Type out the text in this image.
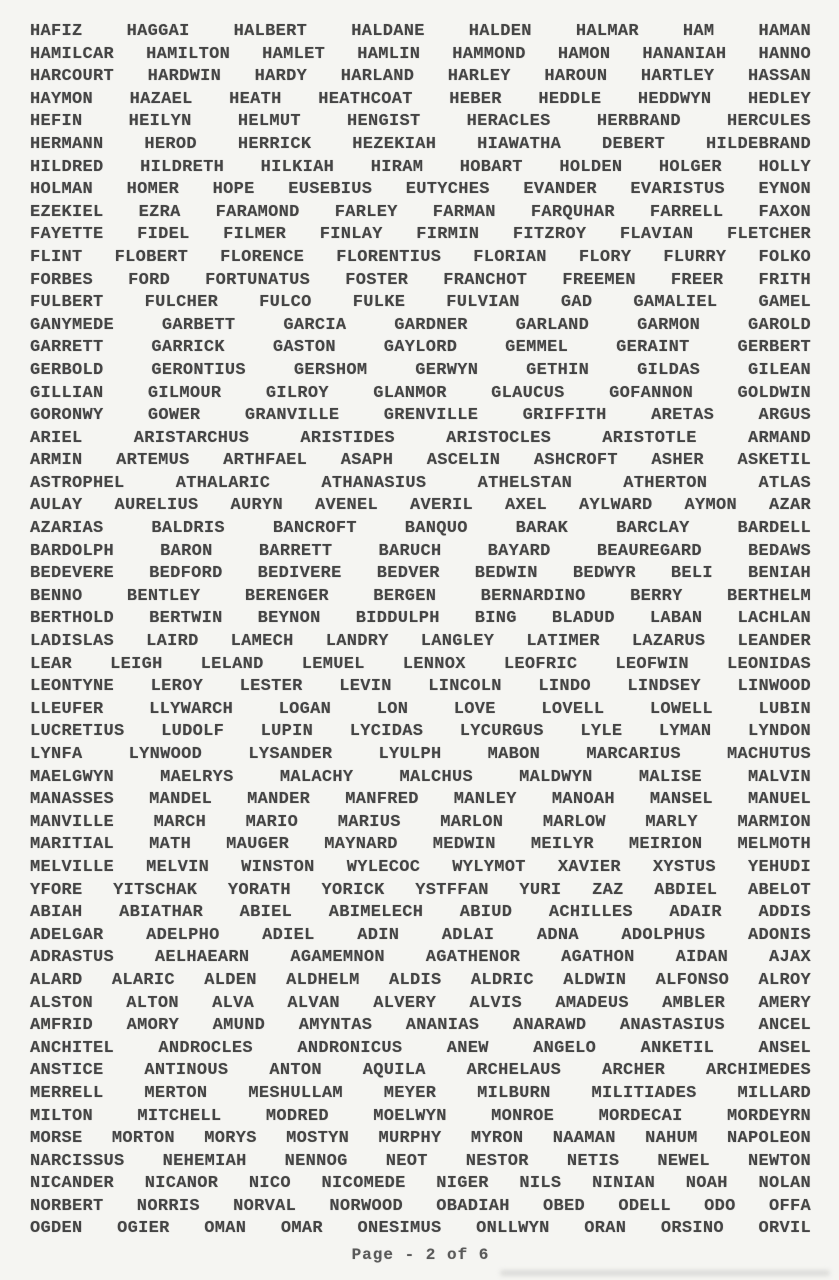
HAFIZ HAGGAI HALBERT HALDANE HALDEN HALMAR HAM HAMAN
HAMILCAR HAMILTON HAMLET HAMLIN HAMMOND HAMON HANANIAH HANNO
HARCOURT HARDWIN HARDY HARLAND HARLEY HAROUN HARTLEY HASSAN
HAYMON HAZAEL HEATH HEATHCOAT HEBER HEDDLE HEDDWYN HEDLEY
HEFIN HEILYN HELMUT HENGIST HERACLES HERBRAND HERCULES
HERMANN HEROD HERRICK HEZEKIAH HIAWATHA DEBERT HILDEBRAND
HILDRED HILDRETH HILKIAH HIRAM HOBART HOLDEN HOLGER HOLLY
HOLMAN HOMER HOPE EUSEBIUS EUTYCHES EVANDER EVARISTUS EYNON
EZEKIEL EZRA FARAMOND FARLEY FARMAN FARQUHAR FARRELL FAXON
FAYETTE FIDEL FILMER FINLAY FIRMIN FITZROY FLAVIAN FLETCHER
FLINT FLOBERT FLORENCE FLORENTIUS FLORIAN FLORY FLURRY FOLKO
FORBES FORD FORTUNATUS FOSTER FRANCHOT FREEMEN FREER FRITH
FULBERT FULCHER FULCO FULKE FULVIAN GAD GAMALIEL GAMEL
GANYMEDE GARBETT GARCIA GARDNER GARLAND GARMON GAROLD
GARRETT GARRICK GASTON GAYLORD GEMMEL GERAINT GERBERT
GERBOLD GERONTIUS GERSHOM GERWYN GETHIN GILDAS GILEAN
GILLIAN GILMOUR GILROY GLANMOR GLAUCUS GOFANNON GOLDWIN
GORONWY GOWER GRANVILLE GRENVILLE GRIFFITH ARETAS ARGUS
ARIEL ARISTARCHUS ARISTIDES ARISTOCLES ARISTOTLE ARMAND
ARMIN ARTEMUS ARTHFAEL ASAPH ASCELIN ASHCROFT ASHER ASKETIL
ASTROPHEL ATHALARIC ATHANASIUS ATHELSTAN ATHERTON ATLAS
AULAY AURELIUS AURYN AVENEL AVERIL AXEL AYLWARD AYMON AZAR
AZARIAS BALDRIS BANCROFT BANQUO BARAK BARCLAY BARDELL
BARDOLPH BARON BARRETT BARUCH BAYARD BEAUREGARD BEDAWS
BEDEVERE BEDFORD BEDIVERE BEDVER BEDWIN BEDWYR BELI BENIAH
BENNO BENTLEY BERENGER BERGEN BERNARDINO BERRY BERTHELM
BERTHOLD BERTWIN BEYNON BIDDULPH BING BLADUD LABAN LACHLAN
LADISLAS LAIRD LAMECH LANDRY LANGLEY LATIMER LAZARUS LEANDER
LEAR LEIGH LELAND LEMUEL LENNOX LEOFRIC LEOFWIN LEONIDAS
LEONTYNE LEROY LESTER LEVIN LINCOLN LINDO LINDSEY LINWOOD
LLEUFER LLYWARCH LOGAN LON LOVE LOVELL LOWELL LUBIN
LUCRETIUS LUDOLF LUPIN LYCIDAS LYCURGUS LYLE LYMAN LYNDON
LYNFA LYNWOOD LYSANDER LYULPH MABON MARCARIUS MACHUTUS
MAELGWYN MAELRYS MALACHY MALCHUS MALDWYN MALISE MALVIN
MANASSES MANDEL MANDER MANFRED MANLEY MANOAH MANSEL MANUEL
MANVILLE MARCH MARIO MARIUS MARLON MARLOW MARLY MARMION
MARITIAL MATH MAUGER MAYNARD MEDWIN MEILYR MEIRION MELMOTH
MELVILLE MELVIN WINSTON WYLECOC WYLYMOT XAVIER XYSTUS YEHUDI
YFORE YITSCHAK YORATH YORICK YSTFFAN YURI ZAZ ABDIEL ABELOT
ABIAH ABIATHAR ABIEL ABIMELECH ABIUD ACHILLES ADAIR ADDIS
ADELGAR ADELPHO ADIEL ADIN ADLAI ADNA ADOLPHUS ADONIS
ADRASTUS AELHAEARN AGAMEMNON AGATHENOR AGATHON AIDAN AJAX
ALARD ALARIC ALDEN ALDHELM ALDIS ALDRIC ALDWIN ALFONSO ALROY
ALSTON ALTON ALVA ALVAN ALVERY ALVIS AMADEUS AMBLER AMERY
AMFRID AMORY AMUND AMYNTAS ANANIAS ANARAWD ANASTASIUS ANCEL
ANCHITEL ANDROCLES ANDRONICUS ANEW ANGELO ANKETIL ANSEL
ANSTICE ANTINOUS ANTON AQUILA ARCHELAUS ARCHER ARCHIMEDES
MERRELL MERTON MESHULLAM MEYER MILBURN MILITIADES MILLARD
MILTON MITCHELL MODRED MOELWYN MONROE MORDECAI MORDEYRN
MORSE MORTON MORYS MOSTYN MURPHY MYRON NAAMAN NAHUM NAPOLEON
NARCISSUS NEHEMIAH NENNOG NEOT NESTOR NETIS NEWEL NEWTON
NICANDER NICANOR NICO NICOMEDE NIGER NILS NINIAN NOAH NOLAN
NORBERT NORRIS NORVAL NORWOOD OBADIAH OBED ODELL ODO OFFA
OGDEN OGIER OMAN OMAR ONESIMUS ONLLWYN ORAN ORSINO ORVIL
Page - 2 of 6
